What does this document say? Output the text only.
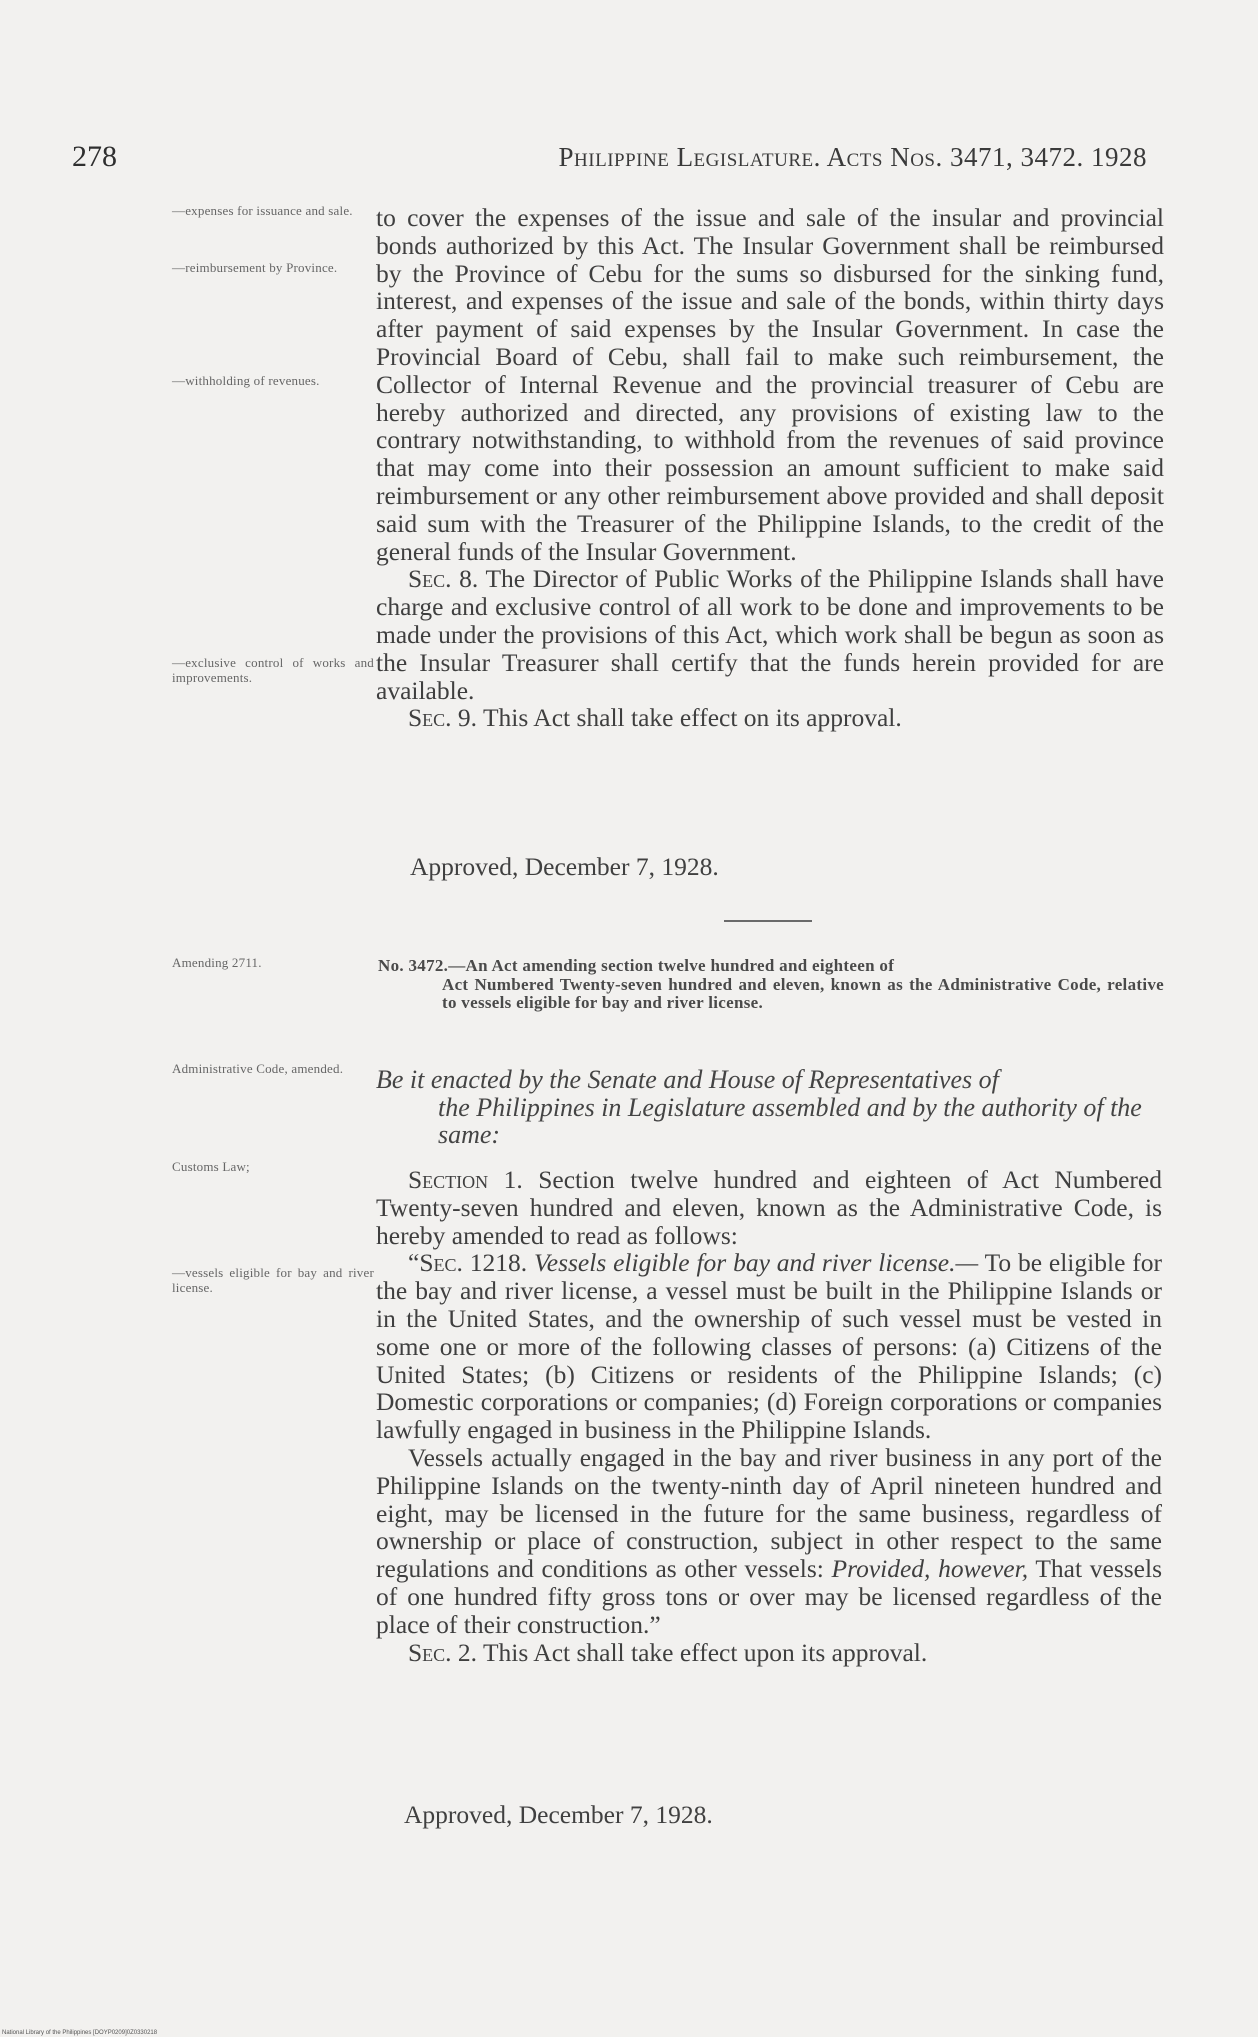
278	Philippine Legislature. Acts Nos. 3471, 3472. 1928
—expenses for issuance and sale.
—reimbursement by Province.
—withholding of revenues.
—exclusive control of works and improvements.
Amending 2711.
Administrative Code, amended.
Customs Law;
—vessels eligible for bay and river license.

to cover the expenses of the issue and sale of the insular and provincial bonds authorized by this Act. The Insular Government shall be reimbursed by the Province of Cebu for the sums so disbursed for the sinking fund, interest, and expenses of the issue and sale of the bonds, within thirty days after payment of said expenses by the Insular Government. In case the Provincial Board of Cebu, shall fail to make such reimbursement, the Collector of Internal Revenue and the provincial treasurer of Cebu are hereby authorized and directed, any provisions of existing law to the contrary notwithstanding, to withhold from the revenues of said province that may come into their possession an amount sufficient to make said reimbursement or any other reimbursement above provided and shall deposit said sum with the Treasurer of the Philippine Islands, to the credit of the general funds of the Insular Government.

Sec. 8. The Director of Public Works of the Philippine Islands shall have charge and exclusive control of all work to be done and improvements to be made under the provisions of this Act, which work shall be begun as soon as the Insular Treasurer shall certify that the funds herein provided for are available.

Sec. 9. This Act shall take effect on its approval.

Approved, December 7, 1928.
No. 3472.—An Act amending section twelve hundred and eighteen of
Act Numbered Twenty-seven hundred and eleven, known as the Administrative Code, relative to vessels eligible for bay and river license.
Be it enacted by the Senate and House of Representatives of
the Philippines in Legislature assembled and by the authority of the same:

Section 1. Section twelve hundred and eighteen of Act Numbered Twenty-seven hundred and eleven, known as the Administrative Code, is hereby amended to read as follows:

“Sec. 1218. Vessels eligible for bay and river license.— To be eligible for the bay and river license, a vessel must be built in the Philippine Islands or in the United States, and the ownership of such vessel must be vested in some one or more of the following classes of persons: (a) Citizens of the United States; (b) Citizens or residents of the Philippine Islands; (c) Domestic corporations or companies; (d) Foreign corporations or companies lawfully engaged in business in the Philippine Islands.

Vessels actually engaged in the bay and river business in any port of the Philippine Islands on the twenty-ninth day of April nineteen hundred and eight, may be licensed in the future for the same business, regardless of ownership or place of construction, subject in other respect to the same regulations and conditions as other vessels: Provided, however, That vessels of one hundred fifty gross tons or over may be licensed regardless of the place of their construction.”

Sec. 2. This Act shall take effect upon its approval.

Approved, December 7, 1928.
National Library of the Philippines [DOYP0209]0Z0330218
